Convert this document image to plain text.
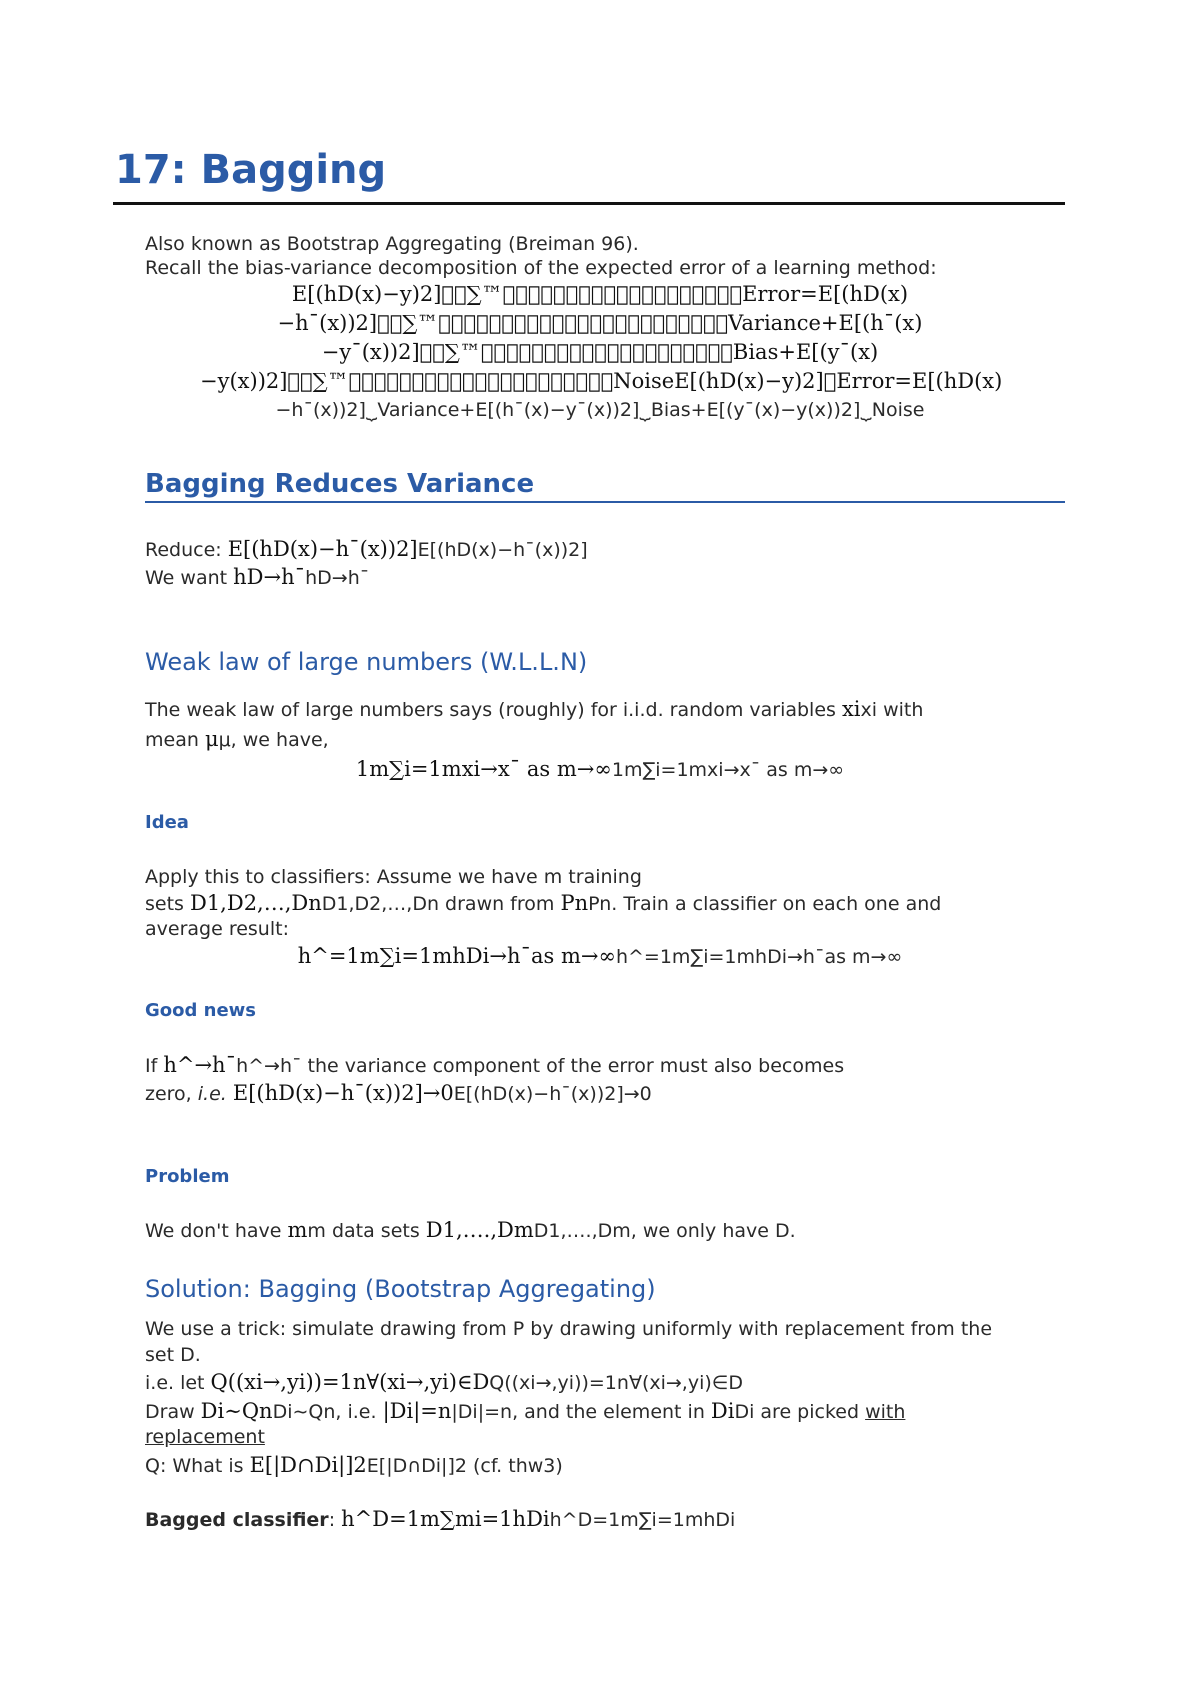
17: Bagging
Also known as Bootstrap Aggregating (Breiman 96).
Recall the bias-variance decomposition of the expected error of a learning method:
E[(hD(x)−y)2]  ∑™                   Error=E[(hD(x)
−h¯(x))2]  ∑™                       Variance+E[(h¯(x)
−y¯(x))2]  ∑™                    Bias+E[(y¯(x)
−y(x))2]  ∑™                     NoiseE[(hD(x)−y)2]⏟Error=E[(hD(x)
−h¯(x))2]⏟Variance+E[(h¯(x)−y¯(x))2]⏟Bias+E[(y¯(x)−y(x))2]⏟Noise
Bagging Reduces Variance
Reduce: E[(hD(x)−h¯(x))2]E[(hD(x)−h¯(x))2]
We want hD→h¯hD→h¯
Weak law of large numbers (W.L.L.N)
The weak law of large numbers says (roughly) for i.i.d. random variables xixi with
mean μμ, we have,
1m∑i=1mxi→x¯ as m→∞1m∑i=1mxi→x¯ as m→∞
Idea
Apply this to classifiers: Assume we have m training
sets D1,D2,…,DnD1,D2,…,Dn drawn from PnPn. Train a classifier on each one and
average result:
h^=1m∑i=1mhDi→h¯as m→∞h^=1m∑i=1mhDi→h¯as m→∞
Good news
If h^→h¯h^→h¯ the variance component of the error must also becomes
zero, i.e. E[(hD(x)−h¯(x))2]→0E[(hD(x)−h¯(x))2]→0
Problem
We don't have mm data sets D1,….,DmD1,….,Dm, we only have D.
Solution: Bagging (Bootstrap Aggregating)
We use a trick: simulate drawing from P by drawing uniformly with replacement from the
set D.
i.e. let Q((xi→,yi))=1n∀(xi→,yi)∈DQ((xi→,yi))=1n∀(xi→,yi)∈D
Draw Di∼QnDi∼Qn, i.e. |Di|=n|Di|=n, and the element in DiDi are picked with
replacement
Q: What is E[|D∩Di|]2E[|D∩Di|]2 (cf. thw3)
Bagged classifier: h^D=1m∑mi=1hDih^D=1m∑i=1mhDi
